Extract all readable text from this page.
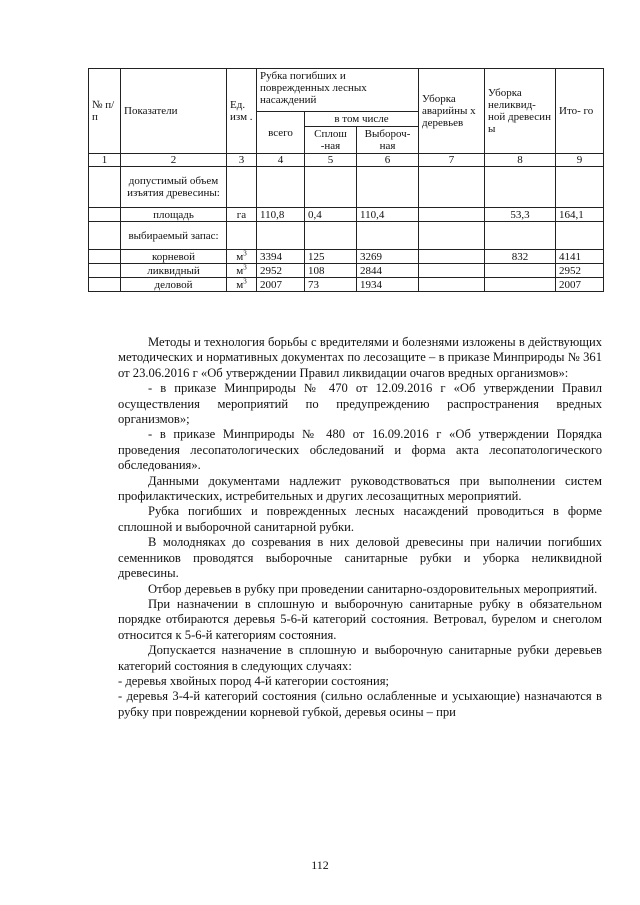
№ п/ п	Показатели	Ед. изм .	Рубка погибших и поврежденных лесных насаждений			Уборка аварийны х деревьев	Уборка неликвид- ной древесин ы	Ито- го
			всего	в том числе				
				Сплош -ная	Выбороч- ная			
1	2	3	4	5	6	7	8	9
	допустимый объем изъятия древесины:							
	площадь	га	110,8	0,4	110,4		53,3	164,1
	выбираемый запас:							
	корневой	$м^3$	3394	125	3269		832	4141
	ликвидный	$м^3$	2952	108	2844			2952
	деловой	$м^3$	2007	73	1934			2007

Методы и технология борьбы с вредителями и болезнями изложены в действующих методических и нормативных документах по лесозащите – в приказе Минприроды № 361 от 23.06.2016 г «Об утверждении Правил ликвидации очагов вредных организмов»:

- в приказе Минприроды № 470 от 12.09.2016 г «Об утверждении Правил осуществления мероприятий по предупреждению распространения вредных организмов»;

- в приказе Минприроды № 480 от 16.09.2016 г «Об утверждении Порядка проведения лесопатологических обследований и форма акта лесопатологического обследования».

Данными документами надлежит руководствоваться при выполнении систем профилактических, истребительных и других лесозащитных мероприятий.

Рубка погибших и поврежденных лесных насаждений проводиться в форме сплошной и выборочной санитарной рубки.

В молодняках до созревания в них деловой древесины при наличии погибших семенников проводятся выборочные санитарные рубки и уборка неликвидной древесины.

Отбор деревьев в рубку при проведении санитарно-оздоровительных мероприятий.

При назначении в сплошную и выборочную санитарные рубку в обязательном порядке отбираются деревья 5-6-й категорий состояния. Ветровал, бурелом и снеголом относится к 5-6-й категориям состояния.

Допускается назначение в сплошную и выборочную санитарные рубки деревьев категорий состояния в следующих случаях:

- деревья хвойных пород 4-й категории состояния;

- деревья 3-4-й категорий состояния (сильно ослабленные и усыхающие) назначаются в рубку при повреждении корневой губкой, деревья осины – при

112
